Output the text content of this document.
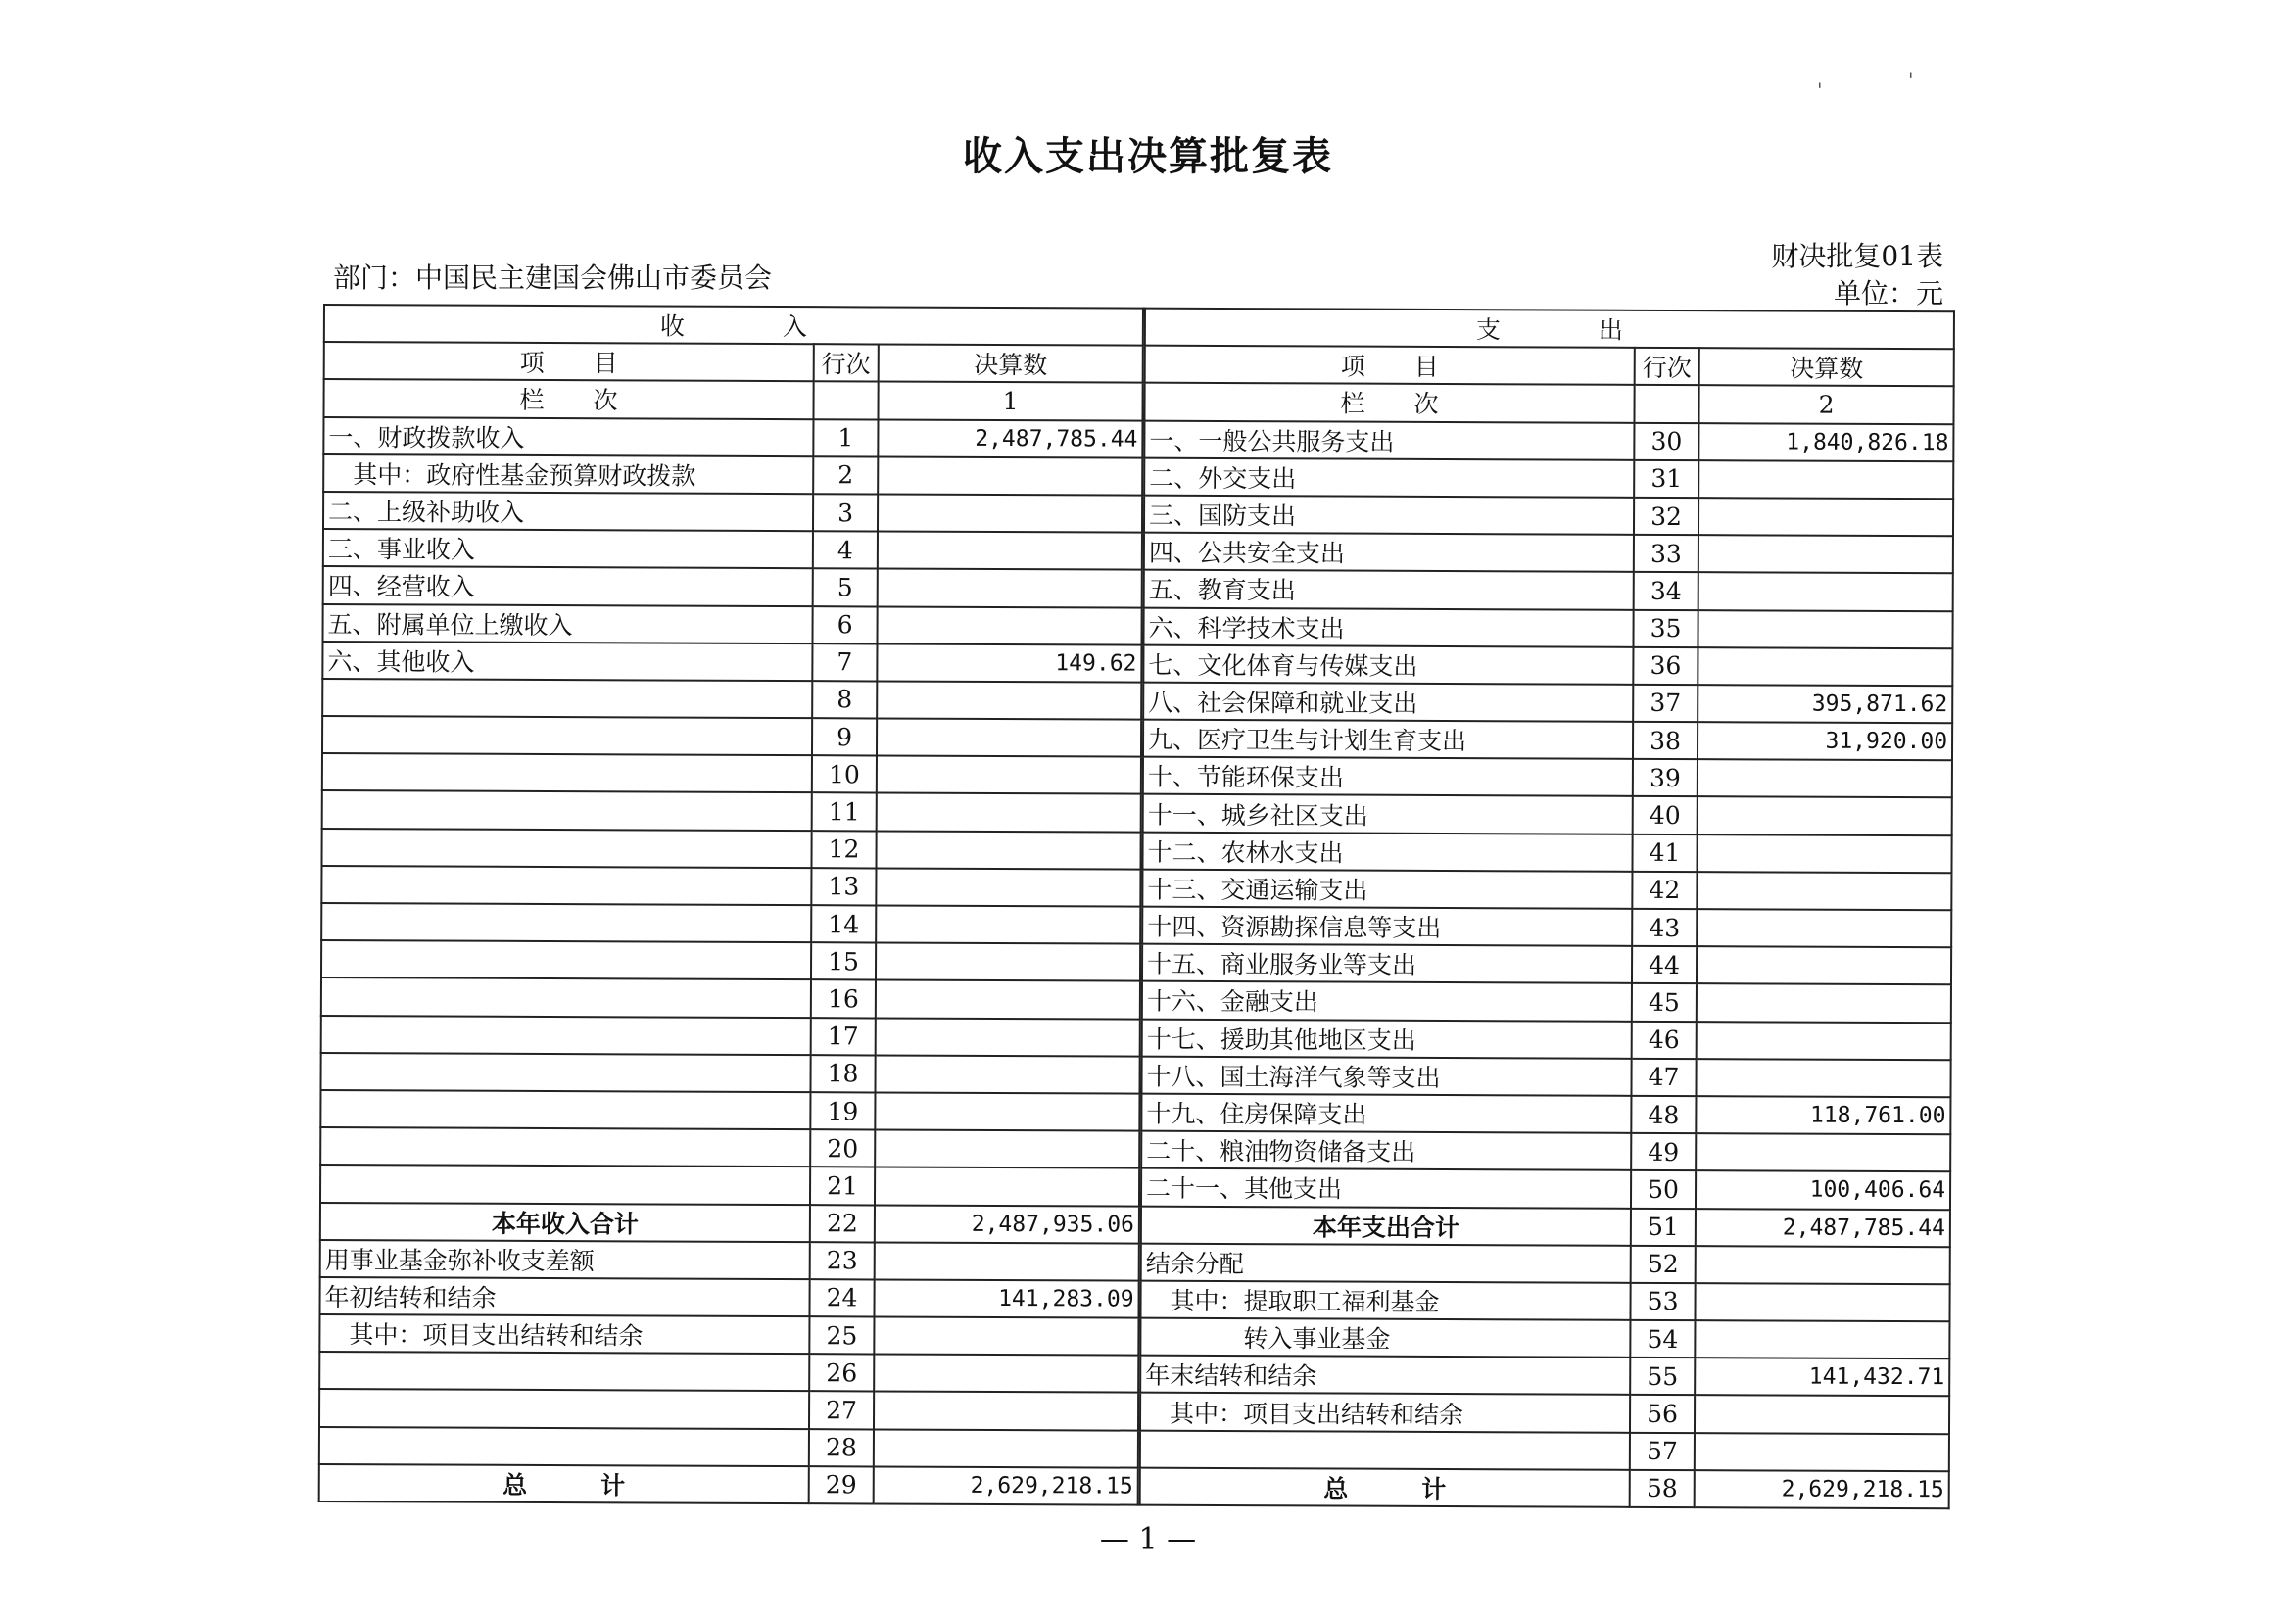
'	'
收入支出决算批复表
财决批复01表
单位：元
部门：中国民主建国会佛山市委员会
收　　　　入		
项　　目	行次	决算数
栏　　次		1
一、财政拨款收入	1	2,487,785.44
　其中：政府性基金预算财政拨款	2	
二、上级补助收入	3	
三、事业收入	4	
四、经营收入	5	
五、附属单位上缴收入	6	
六、其他收入	7	149.62
	8	
	9	
	10	
	11	
	12	
	13	
	14	
	15	
	16	
	17	
	18	
	19	
	20	
	21	
本年收入合计	22	2,487,935.06
用事业基金弥补收支差额	23	
年初结转和结余	24	141,283.09
　其中：项目支出结转和结余	25	
	26	
	27	
	28	
总　　　计	29	2,629,218.15
支　　　　出		
项　　目	行次	决算数
栏　　次		2
一、一般公共服务支出	30	1,840,826.18
二、外交支出	31	
三、国防支出	32	
四、公共安全支出	33	
五、教育支出	34	
六、科学技术支出	35	
七、文化体育与传媒支出	36	
八、社会保障和就业支出	37	395,871.62
九、医疗卫生与计划生育支出	38	31,920.00
十、节能环保支出	39	
十一、城乡社区支出	40	
十二、农林水支出	41	
十三、交通运输支出	42	
十四、资源勘探信息等支出	43	
十五、商业服务业等支出	44	
十六、金融支出	45	
十七、援助其他地区支出	46	
十八、国土海洋气象等支出	47	
十九、住房保障支出	48	118,761.00
二十、粮油物资储备支出	49	
二十一、其他支出	50	100,406.64
本年支出合计	51	2,487,785.44
结余分配	52	
　其中：提取职工福利基金	53	
　　　　转入事业基金	54	
年末结转和结余	55	141,432.71
　其中：项目支出结转和结余	56	
	57	
总　　　计	58	2,629,218.15
— 1 —
